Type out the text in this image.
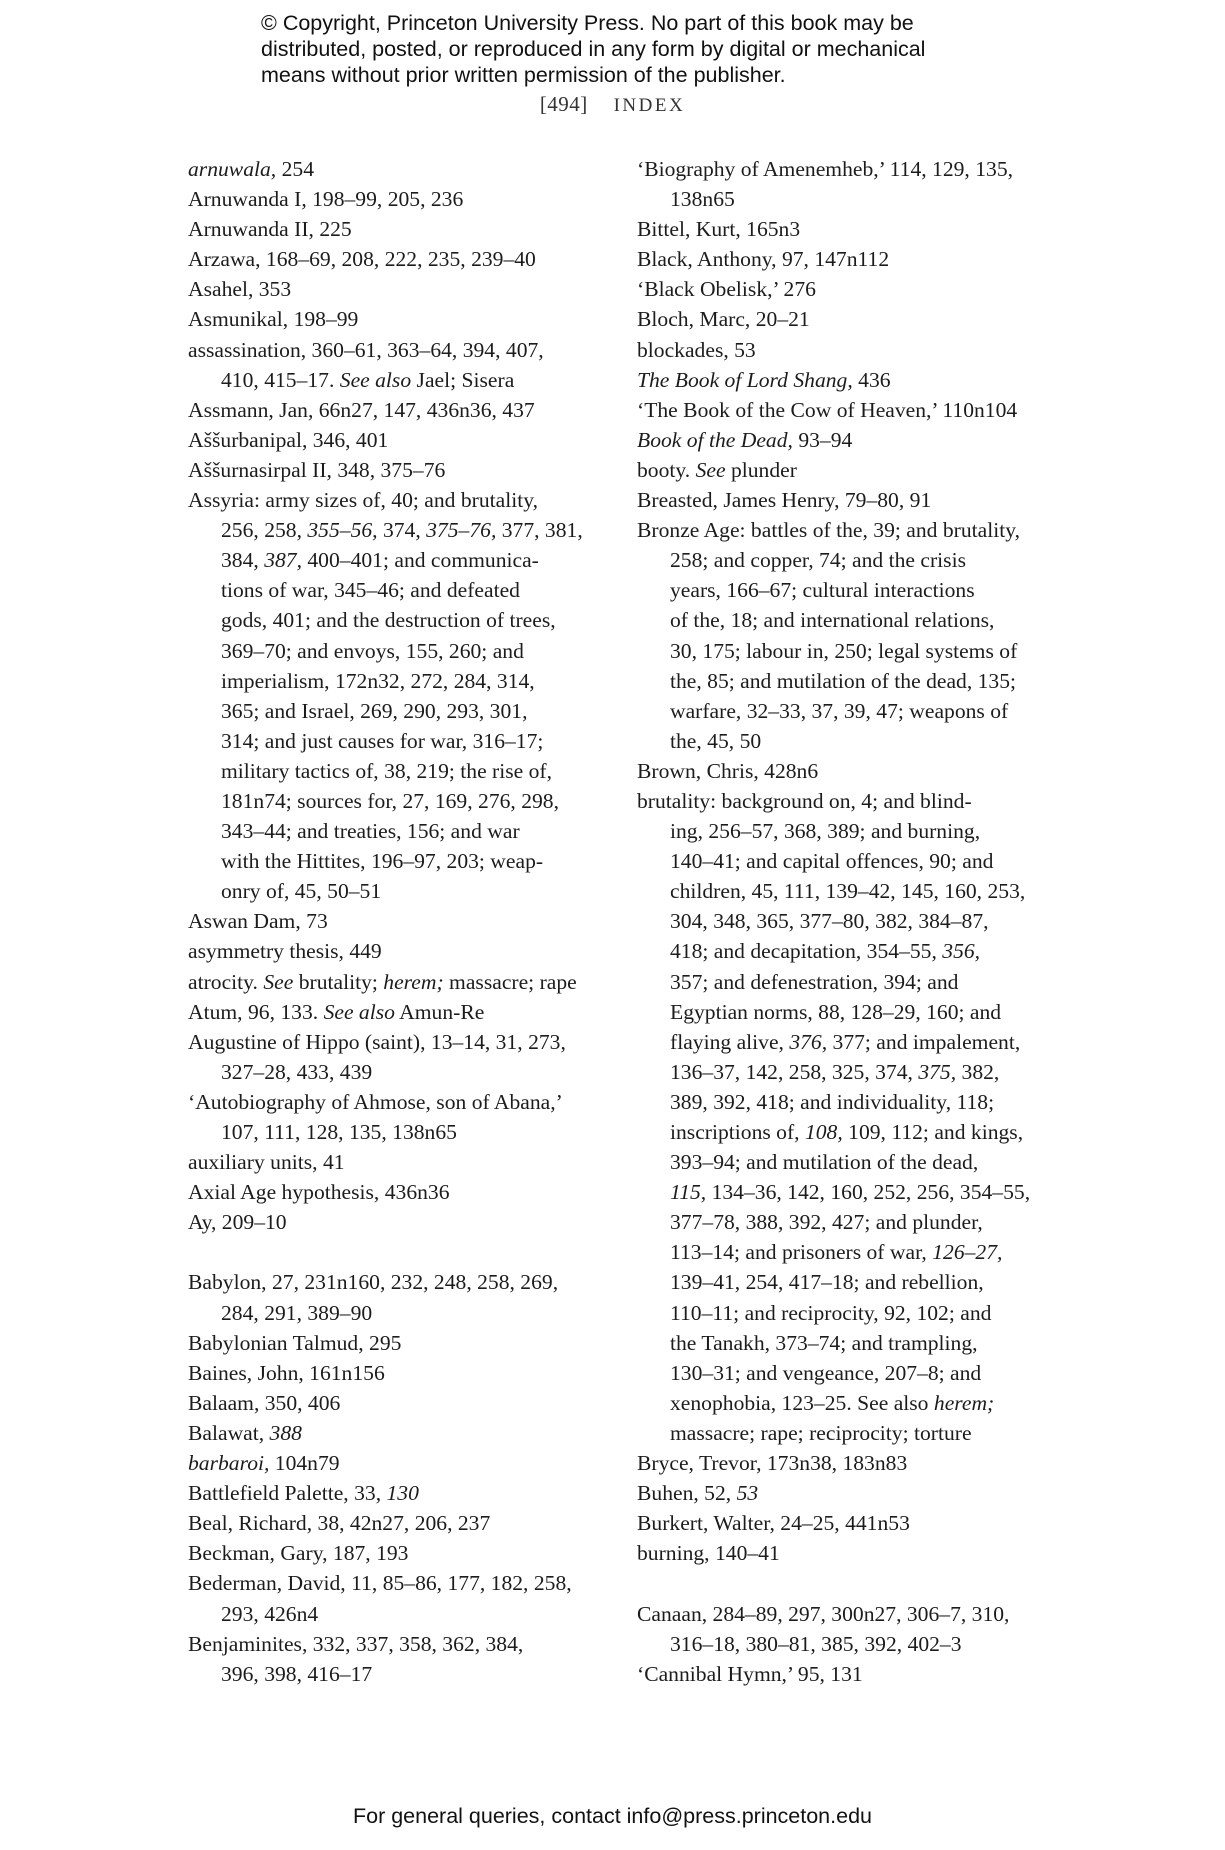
© Copyright, Princeton University Press. No part of this book may be
distributed, posted, or reproduced in any form by digital or mechanical
means without prior written permission of the publisher.
[494] INDEX
arnuwala, 254
Arnuwanda I, 198–99, 205, 236
Arnuwanda II, 225
Arzawa, 168–69, 208, 222, 235, 239–40
Asahel, 353
Asmunikal, 198–99
assassination, 360–61, 363–64, 394, 407,
410, 415–17. See also Jael; Sisera
Assmann, Jan, 66n27, 147, 436n36, 437
Aššurbanipal, 346, 401
Aššurnasirpal II, 348, 375–76
Assyria: army sizes of, 40; and brutality,
256, 258, 355–56, 374, 375–76, 377, 381,
384, 387, 400–401; and communica-
tions of war, 345–46; and defeated
gods, 401; and the destruction of trees,
369–70; and envoys, 155, 260; and
imperialism, 172n32, 272, 284, 314,
365; and Israel, 269, 290, 293, 301,
314; and just causes for war, 316–17;
military tactics of, 38, 219; the rise of,
181n74; sources for, 27, 169, 276, 298,
343–44; and treaties, 156; and war
with the Hittites, 196–97, 203; weap-
onry of, 45, 50–51
Aswan Dam, 73
asymmetry thesis, 449
atrocity. See brutality; herem; massacre; rape
Atum, 96, 133. See also Amun-Re
Augustine of Hippo (saint), 13–14, 31, 273,
327–28, 433, 439
‘Autobiography of Ahmose, son of Abana,’
107, 111, 128, 135, 138n65
auxiliary units, 41
Axial Age hypothesis, 436n36
Ay, 209–10
Babylon, 27, 231n160, 232, 248, 258, 269,
284, 291, 389–90
Babylonian Talmud, 295
Baines, John, 161n156
Balaam, 350, 406
Balawat, 388
barbaroi, 104n79
Battlefield Palette, 33, 130
Beal, Richard, 38, 42n27, 206, 237
Beckman, Gary, 187, 193
Bederman, David, 11, 85–86, 177, 182, 258,
293, 426n4
Benjaminites, 332, 337, 358, 362, 384,
396, 398, 416–17
‘Biography of Amenemheb,’ 114, 129, 135,
138n65
Bittel, Kurt, 165n3
Black, Anthony, 97, 147n112
‘Black Obelisk,’ 276
Bloch, Marc, 20–21
blockades, 53
The Book of Lord Shang, 436
‘The Book of the Cow of Heaven,’ 110n104
Book of the Dead, 93–94
booty. See plunder
Breasted, James Henry, 79–80, 91
Bronze Age: battles of the, 39; and brutality,
258; and copper, 74; and the crisis
years, 166–67; cultural interactions
of the, 18; and international relations,
30, 175; labour in, 250; legal systems of
the, 85; and mutilation of the dead, 135;
warfare, 32–33, 37, 39, 47; weapons of
the, 45, 50
Brown, Chris, 428n6
brutality: background on, 4; and blind-
ing, 256–57, 368, 389; and burning,
140–41; and capital offences, 90; and
children, 45, 111, 139–42, 145, 160, 253,
304, 348, 365, 377–80, 382, 384–87,
418; and decapitation, 354–55, 356,
357; and defenestration, 394; and
Egyptian norms, 88, 128–29, 160; and
flaying alive, 376, 377; and impalement,
136–37, 142, 258, 325, 374, 375, 382,
389, 392, 418; and individuality, 118;
inscriptions of, 108, 109, 112; and kings,
393–94; and mutilation of the dead,
115, 134–36, 142, 160, 252, 256, 354–55,
377–78, 388, 392, 427; and plunder,
113–14; and prisoners of war, 126–27,
139–41, 254, 417–18; and rebellion,
110–11; and reciprocity, 92, 102; and
the Tanakh, 373–74; and trampling,
130–31; and vengeance, 207–8; and
xenophobia, 123–25. See also herem;
massacre; rape; reciprocity; torture
Bryce, Trevor, 173n38, 183n83
Buhen, 52, 53
Burkert, Walter, 24–25, 441n53
burning, 140–41
Canaan, 284–89, 297, 300n27, 306–7, 310,
316–18, 380–81, 385, 392, 402–3
‘Cannibal Hymn,’ 95, 131
For general queries, contact info@press.princeton.edu
